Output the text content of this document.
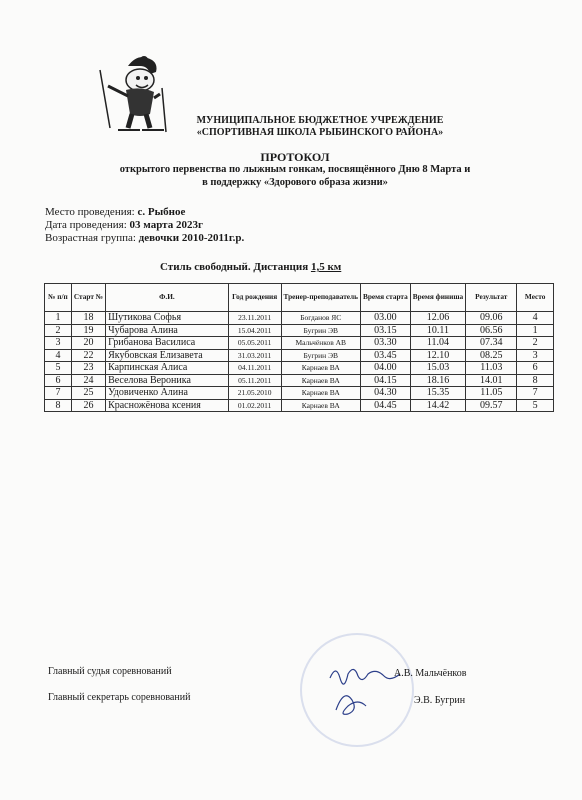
МУНИЦИПАЛЬНОЕ БЮДЖЕТНОЕ УЧРЕЖДЕНИЕ
«СПОРТИВНАЯ ШКОЛА РЫБИНСКОГО РАЙОНА»
ПРОТОКОЛ
открытого первенства по лыжным гонкам, посвящённого Дню 8 Марта и
в поддержку «Здорового образа жизни»
Место проведения: с. Рыбное
Дата проведения: 03 марта 2023г
Возрастная группа: девочки 2010-2011г.р.
Стиль свободный. Дистанция 1,5 км
№ п/п	Старт №	Ф.И.	Год рождения	Тренер-преподаватель	Время старта	Время финиша	Результат	Место
1	18	Шутикова Софья	23.11.2011	Богданов ЯС	03.00	12.06	09.06	4
2	19	Чубарова Алина	15.04.2011	Бугрин ЭВ	03.15	10.11	06.56	1
3	20	Грибанова Василиса	05.05.2011	Мальчёнков АВ	03.30	11.04	07.34	2
4	22	Якубовская Елизавета	31.03.2011	Бугрин ЭВ	03.45	12.10	08.25	3
5	23	Карпинская Алиса	04.11.2011	Карнаев ВА	04.00	15.03	11.03	6
6	24	Веселова Вероника	05.11.2011	Карнаев ВА	04.15	18.16	14.01	8
7	25	Удовиченко Алина	21.05.2010	Карнаев ВА	04.30	15.35	11.05	7
8	26	Красножёнова ксения	01.02.2011	Карнаев ВА	04.45	14.42	09.57	5
Главный судья соревнований	А.В. Мальчёнков
Главный секретарь соревнований	Э.В. Бугрин
